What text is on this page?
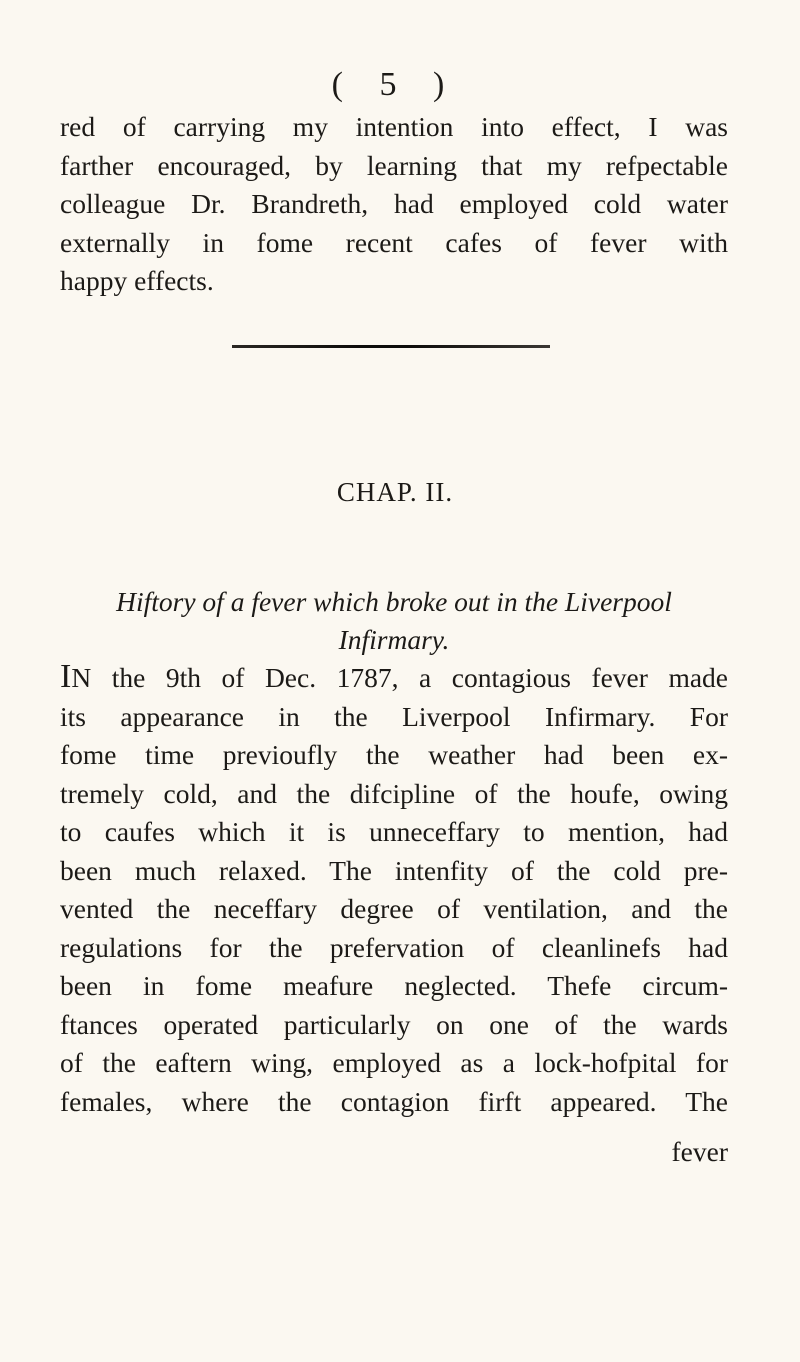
( 5 )
red of carrying my intention into effect, I was
farther encouraged, by learning that my refpectable
colleague Dr. Brandreth, had employed cold water
externally in fome recent cafes of fever with
happy effects.
CHAP. II.
Hiftory of a fever which broke out in the Liverpool
Infirmary.
IN the 9th of Dec. 1787, a contagious fever made
its appearance in the Liverpool Infirmary. For
fome time previoufly the weather had been ex-
tremely cold, and the difcipline of the houfe, owing
to caufes which it is unneceffary to mention, had
been much relaxed. The intenfity of the cold pre-
vented the neceffary degree of ventilation, and the
regulations for the prefervation of cleanlinefs had
been in fome meafure neglected. Thefe circum-
ftances operated particularly on one of the wards
of the eaftern wing, employed as a lock-hofpital for
females, where the contagion firft appeared. The
fever
